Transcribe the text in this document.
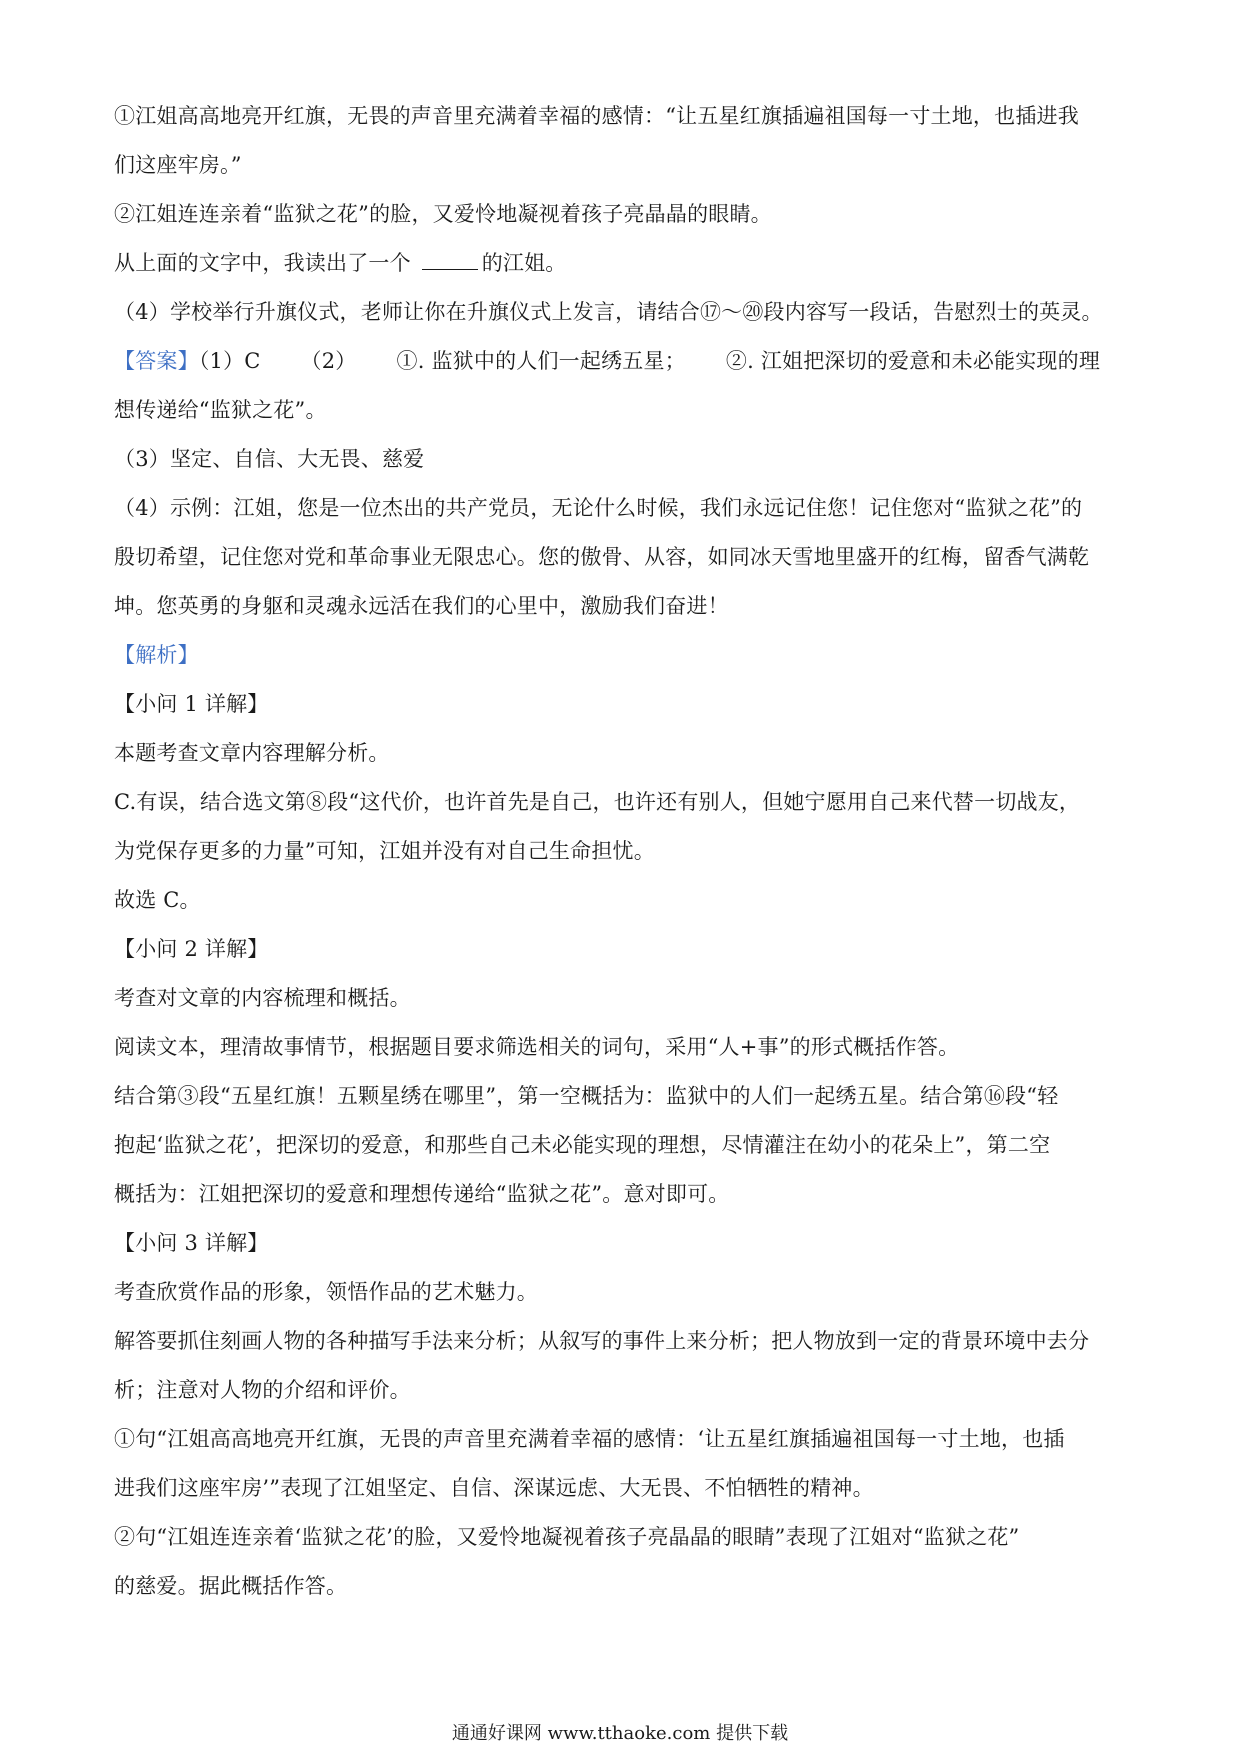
①江姐高高地亮开红旗，无畏的声音里充满着幸福的感情：“让五星红旗插遍祖国每一寸土地，也插进我
们这座牢房。”
②江姐连连亲着“监狱之花”的脸，又爱怜地凝视着孩子亮晶晶的眼睛。
从上面的文字中，我读出了一个	的江姐。
（4）学校举行升旗仪式，老师让你在升旗仪式上发言，请结合⑰～⑳段内容写一段话，告慰烈士的英灵。
【答案】（1）C （2） ①. 监狱中的人们一起绣五星； ②. 江姐把深切的爱意和未必能实现的理
想传递给“监狱之花”。
（3）坚定、自信、大无畏、慈爱
（4）示例：江姐，您是一位杰出的共产党员，无论什么时候，我们永远记住您！记住您对“监狱之花”的
殷切希望，记住您对党和革命事业无限忠心。您的傲骨、从容，如同冰天雪地里盛开的红梅，留香气满乾
坤。您英勇的身躯和灵魂永远活在我们的心里中，激励我们奋进！
【解析】
【小问 1 详解】
本题考查文章内容理解分析。
C.有误，结合选文第⑧段“这代价，也许首先是自己，也许还有别人，但她宁愿用自己来代替一切战友，
为党保存更多的力量”可知，江姐并没有对自己生命担忧。
故选 C。
【小问 2 详解】
考查对文章的内容梳理和概括。
阅读文本，理清故事情节，根据题目要求筛选相关的词句，采用“人+事”的形式概括作答。
结合第③段“五星红旗！五颗星绣在哪里”，第一空概括为：监狱中的人们一起绣五星。结合第⑯段“轻
抱起‘监狱之花’，把深切的爱意，和那些自己未必能实现的理想，尽情灌注在幼小的花朵上”，第二空
概括为：江姐把深切的爱意和理想传递给“监狱之花”。意对即可。
【小问 3 详解】
考查欣赏作品的形象，领悟作品的艺术魅力。
解答要抓住刻画人物的各种描写手法来分析；从叙写的事件上来分析；把人物放到一定的背景环境中去分
析；注意对人物的介绍和评价。
①句“江姐高高地亮开红旗，无畏的声音里充满着幸福的感情：‘让五星红旗插遍祖国每一寸土地，也插
进我们这座牢房’”表现了江姐坚定、自信、深谋远虑、大无畏、不怕牺牲的精神。
②句“江姐连连亲着‘监狱之花’的脸，又爱怜地凝视着孩子亮晶晶的眼睛”表现了江姐对“监狱之花”
的慈爱。据此概括作答。
通通好课网 www.tthaoke.com 提供下载
